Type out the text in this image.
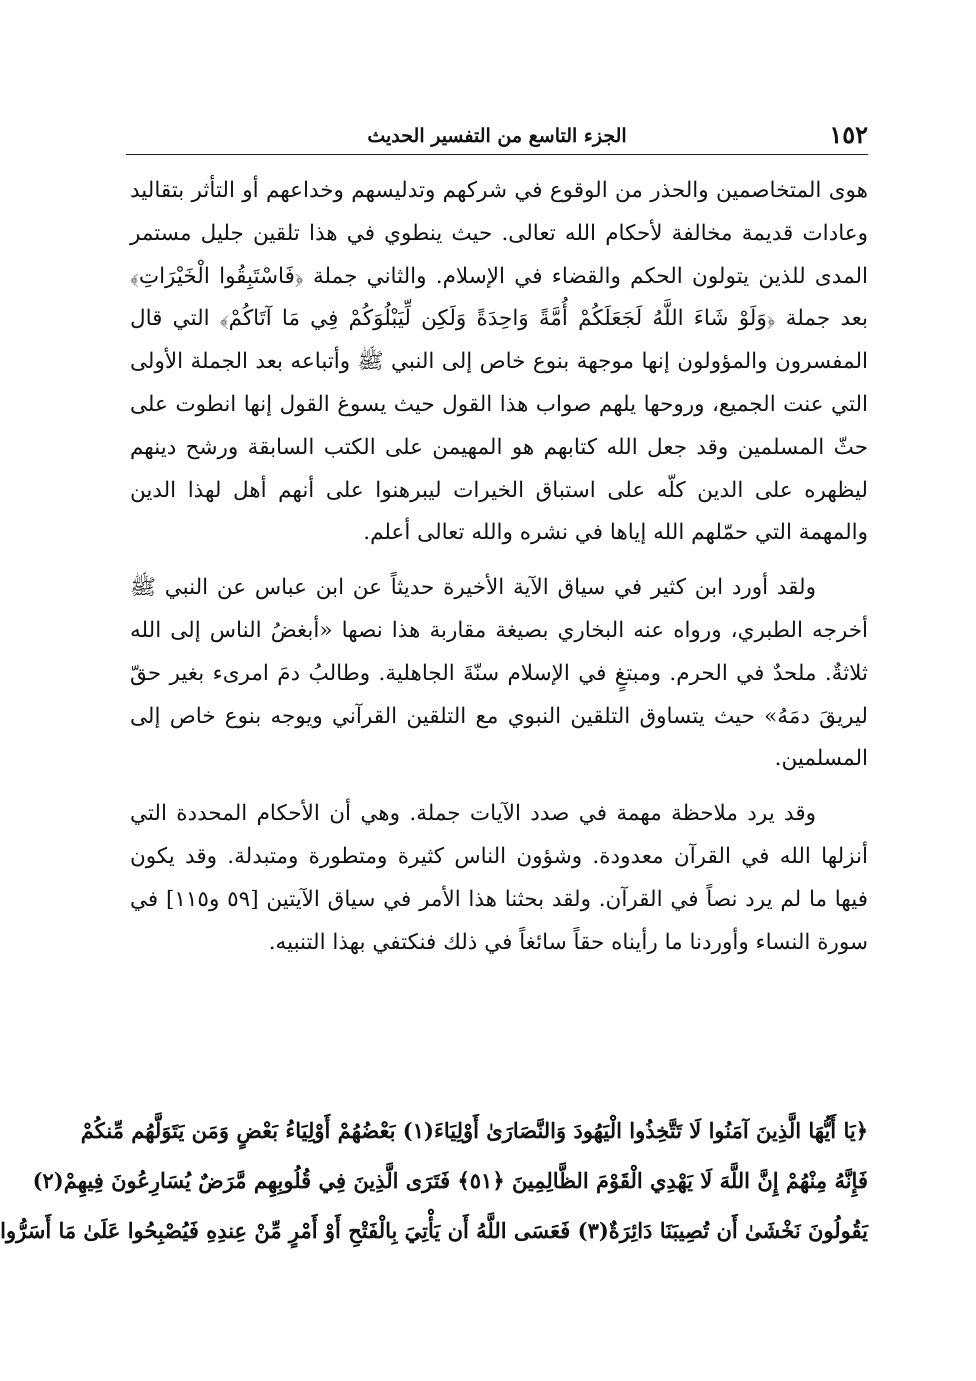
١٥٢
الجزء التاسع من التفسير الحديث

هوى المتخاصمين والحذر من الوقوع في شركهم وتدليسهم وخداعهم أو التأثر بتقاليد وعادات قديمة مخالفة لأحكام الله تعالى. حيث ينطوي في هذا تلقين جليل مستمر المدى للذين يتولون الحكم والقضاء في الإسلام. والثاني جملة ﴿فَاسْتَبِقُوا الْخَيْرَاتِ﴾ بعد جملة ﴿وَلَوْ شَاءَ اللَّهُ لَجَعَلَكُمْ أُمَّةً وَاحِدَةً وَلَكِن لِّيَبْلُوَكُمْ فِي مَا آتَاكُمْ﴾ التي قال المفسرون والمؤولون إنها موجهة بنوع خاص إلى النبي ﷺ وأتباعه بعد الجملة الأولى التي عنت الجميع، وروحها يلهم صواب هذا القول حيث يسوغ القول إنها انطوت على حثّ المسلمين وقد جعل الله كتابهم هو المهيمن على الكتب السابقة ورشح دينهم ليظهره على الدين كلّه على استباق الخيرات ليبرهنوا على أنهم أهل لهذا الدين والمهمة التي حمّلهم الله إياها في نشره والله تعالى أعلم.

ولقد أورد ابن كثير في سياق الآية الأخيرة حديثاً عن ابن عباس عن النبي ﷺ أخرجه الطبري، ورواه عنه البخاري بصيغة مقاربة هذا نصها «أبغضُ الناس إلى الله ثلاثةٌ. ملحدٌ في الحرم. ومبتغٍ في الإسلام سنّةَ الجاهلية. وطالبُ دمَ امرىء بغير حقّ ليريقَ دمَهُ» حيث يتساوق التلقين النبوي مع التلقين القرآني ويوجه بنوع خاص إلى المسلمين.

وقد يرد ملاحظة مهمة في صدد الآيات جملة. وهي أن الأحكام المحددة التي أنزلها الله في القرآن معدودة. وشؤون الناس كثيرة ومتطورة ومتبدلة. وقد يكون فيها ما لم يرد نصاً في القرآن. ولقد بحثنا هذا الأمر في سياق الآيتين [٥٩ و١١٥] في سورة النساء وأوردنا ما رأيناه حقاً سائغاً في ذلك فنكتفي بهذا التنبيه.

﴿يَا أَيُّهَا الَّذِينَ آمَنُوا لَا تَتَّخِذُوا الْيَهُودَ وَالنَّصَارَىٰ أَوْلِيَاءَ(١) بَعْضُهُمْ أَوْلِيَاءُ بَعْضٍ وَمَن يَتَوَلَّهُم مِّنكُمْ
فَإِنَّهُ مِنْهُمْ إِنَّ اللَّهَ لَا يَهْدِي الْقَوْمَ الظَّالِمِينَ ﴿٥١﴾ فَتَرَى الَّذِينَ فِي قُلُوبِهِم مَّرَضٌ يُسَارِعُونَ فِيهِمْ(٢)
يَقُولُونَ نَخْشَىٰ أَن تُصِيبَنَا دَائِرَةٌ(٣) فَعَسَى اللَّهُ أَن يَأْتِيَ بِالْفَتْحِ أَوْ أَمْرٍ مِّنْ عِندِهِ فَيُصْبِحُوا عَلَىٰ مَا أَسَرُّوا
